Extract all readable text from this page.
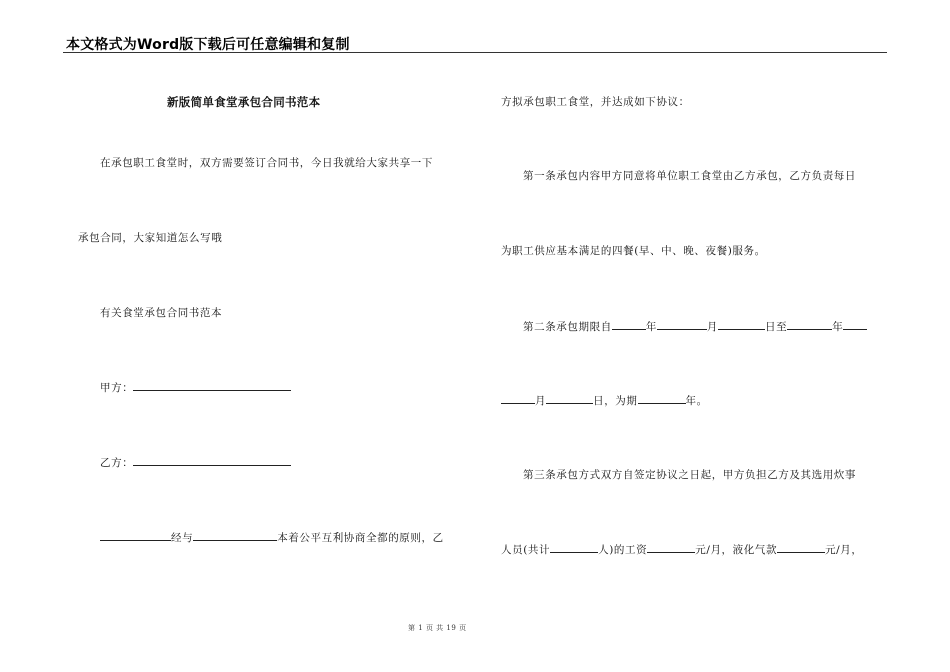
本文格式为Word版下载后可任意编辑和复制
新版简单食堂承包合同书范本
在承包职工食堂时，双方需要签订合同书，今日我就给大家共享一下
承包合同，大家知道怎么写哦
有关食堂承包合同书范本
甲方：
乙方：
经与	本着公平互利协商全都的原则，乙
方拟承包职工食堂，并达成如下协议：
第一条承包内容甲方同意将单位职工食堂由乙方承包，乙方负责每日
为职工供应基本满足的四餐(早、中、晚、夜餐)服务。
第二条承包期限自	年	月	日至	年
月	日，为期	年。
第三条承包方式双方自签定协议之日起，甲方负担乙方及其选用炊事
人员(共计	人)的工资	元/月，液化气款	元/月，
第 1 页 共 19 页
